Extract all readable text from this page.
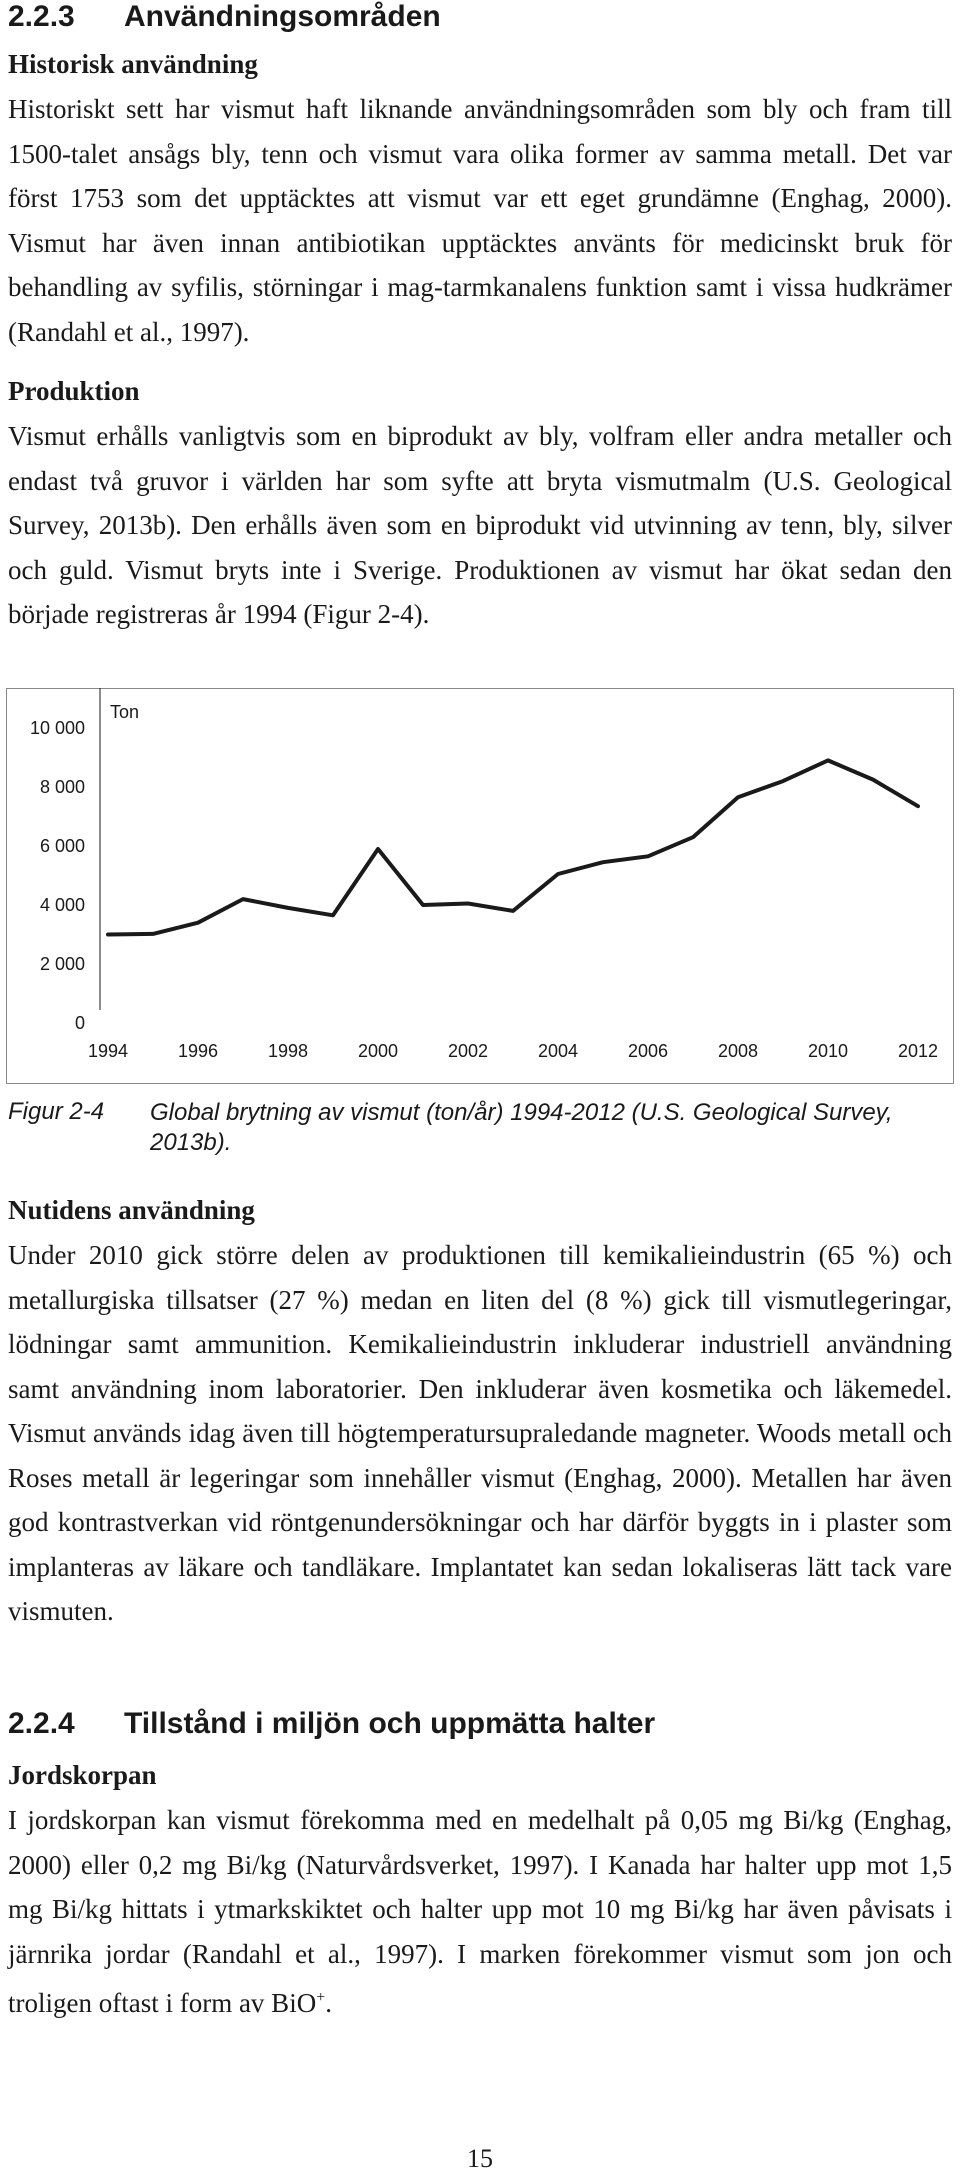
2.2.3 Användningsområden
Historisk användning

Historiskt sett har vismut haft liknande användningsområden som bly och fram till 1500-talet ansågs bly, tenn och vismut vara olika former av samma metall. Det var först 1753 som det upptäcktes att vismut var ett eget grundämne (Enghag, 2000). Vismut har även innan antibiotikan upptäcktes använts för medicinskt bruk för behandling av syfilis, störningar i mag-tarmkanalens funktion samt i vissa hudkrämer (Randahl et al., 1997).

Produktion

Vismut erhålls vanligtvis som en biprodukt av bly, volfram eller andra metaller och endast två gruvor i världen har som syfte att bryta vismutmalm (U.S. Geological Survey, 2013b). Den erhålls även som en biprodukt vid utvinning av tenn, bly, silver och guld. Vismut bryts inte i Sverige. Produktionen av vismut har ökat sedan den började registreras år 1994 (Figur 2-4).

0
2 000
4 000
6 000
8 000
10 000
1994	1996	1998	2000	2002	2004	2006	2008	2010	2012
Ton
Figur 2-4 Global brytning av vismut (ton/år) 1994-2012 (U.S. Geological Survey, 2013b).
Nutidens användning

Under 2010 gick större delen av produktionen till kemikalieindustrin (65 %) och metallurgiska tillsatser (27 %) medan en liten del (8 %) gick till vismutlegeringar, lödningar samt ammunition. Kemikalieindustrin inkluderar industriell användning samt användning inom laboratorier. Den inkluderar även kosmetika och läkemedel. Vismut används idag även till högtemperatursupraledande magneter. Woods metall och Roses metall är legeringar som innehåller vismut (Enghag, 2000). Metallen har även god kontrastverkan vid röntgenundersökningar och har därför byggts in i plaster som implanteras av läkare och tandläkare. Implantatet kan sedan lokaliseras lätt tack vare vismuten.

2.2.4 Tillstånd i miljön och uppmätta halter
Jordskorpan

I jordskorpan kan vismut förekomma med en medelhalt på 0,05 mg Bi/kg (Enghag, 2000) eller 0,2 mg Bi/kg (Naturvårdsverket, 1997). I Kanada har halter upp mot 1,5 mg Bi/kg hittats i ytmarkskiktet och halter upp mot 10 mg Bi/kg har även påvisats i järnrika jordar (Randahl et al., 1997). I marken förekommer vismut som jon och troligen oftast i form av BiO+.

15
